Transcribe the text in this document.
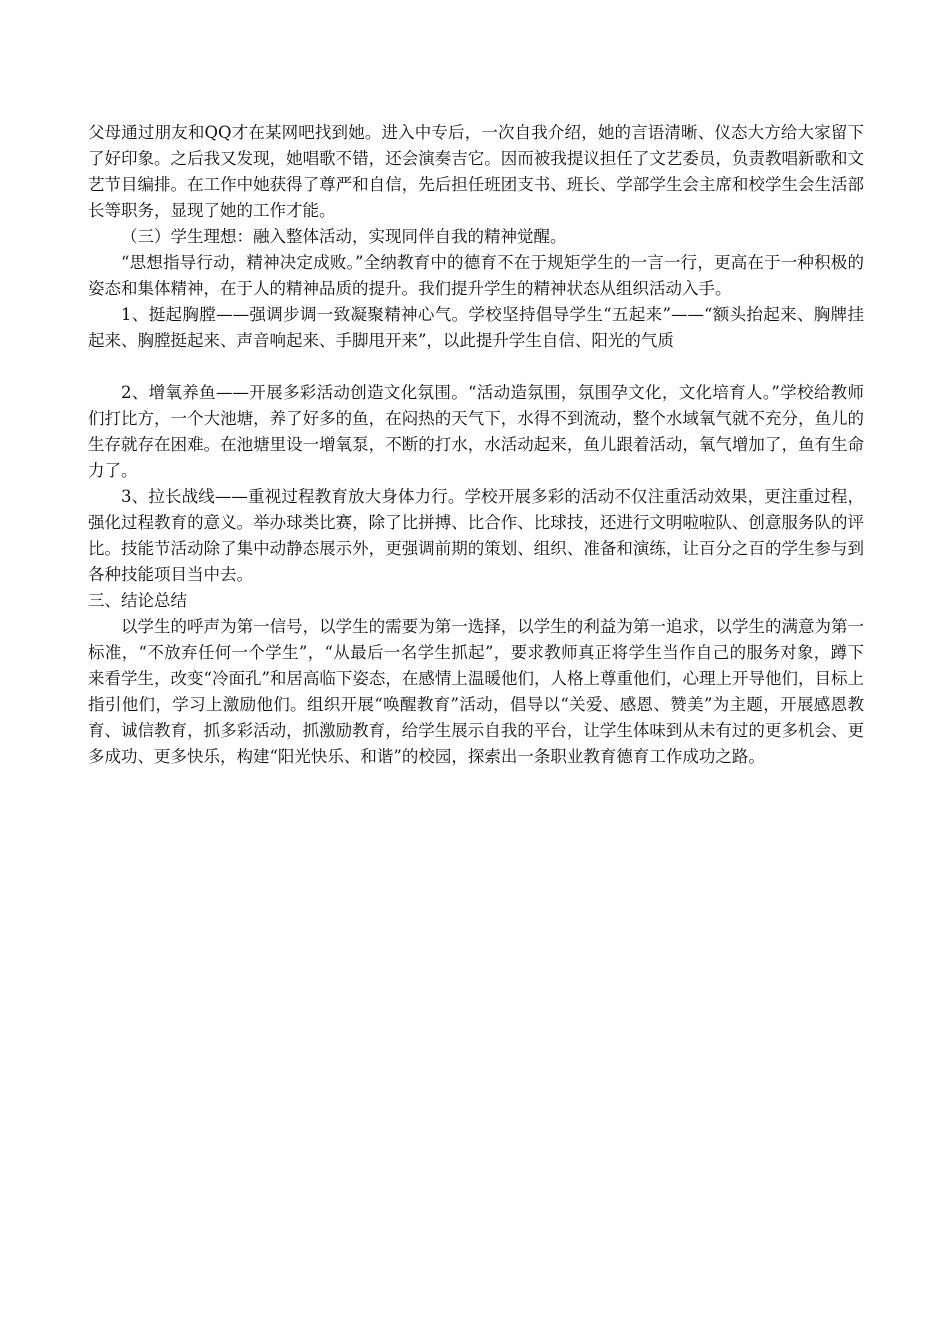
父母通过朋友和QQ才在某网吧找到她。进入中专后，一次自我介绍，她的言语清晰、仪态大方给大家留下了好印象。之后我又发现，她唱歌不错，还会演奏吉它。因而被我提议担任了文艺委员，负责教唱新歌和文艺节目编排。在工作中她获得了尊严和自信，先后担任班团支书、班长、学部学生会主席和校学生会生活部长等职务，显现了她的工作才能。

（三）学生理想：融入整体活动，实现同伴自我的精神觉醒。

“思想指导行动，精神决定成败。”全纳教育中的德育不在于规矩学生的一言一行，更高在于一种积极的姿态和集体精神，在于人的精神品质的提升。我们提升学生的精神状态从组织活动入手。

1、挺起胸膛——强调步调一致凝聚精神心气。学校坚持倡导学生“五起来”——“额头抬起来、胸牌挂起来、胸膛挺起来、声音响起来、手脚甩开来”，以此提升学生自信、阳光的气质

2、增氧养鱼——开展多彩活动创造文化氛围。“活动造氛围，氛围孕文化，文化培育人。”学校给教师们打比方，一个大池塘，养了好多的鱼，在闷热的天气下，水得不到流动，整个水域氧气就不充分，鱼儿的生存就存在困难。在池塘里设一增氧泵，不断的打水，水活动起来，鱼儿跟着活动，氧气增加了，鱼有生命力了。

3、拉长战线——重视过程教育放大身体力行。学校开展多彩的活动不仅注重活动效果，更注重过程，强化过程教育的意义。举办球类比赛，除了比拼搏、比合作、比球技，还进行文明啦啦队、创意服务队的评比。技能节活动除了集中动静态展示外，更强调前期的策划、组织、准备和演练，让百分之百的学生参与到各种技能项目当中去。

三、结论总结

以学生的呼声为第一信号，以学生的需要为第一选择，以学生的利益为第一追求，以学生的满意为第一标准，“不放弃任何一个学生”，“从最后一名学生抓起”，要求教师真正将学生当作自己的服务对象，蹲下来看学生，改变“冷面孔”和居高临下姿态，在感情上温暖他们，人格上尊重他们，心理上开导他们，目标上指引他们，学习上激励他们。组织开展“唤醒教育”活动，倡导以“关爱、感恩、赞美”为主题，开展感恩教育、诚信教育，抓多彩活动，抓激励教育，给学生展示自我的平台，让学生体味到从未有过的更多机会、更多成功、更多快乐，构建“阳光快乐、和谐”的校园，探索出一条职业教育德育工作成功之路。
